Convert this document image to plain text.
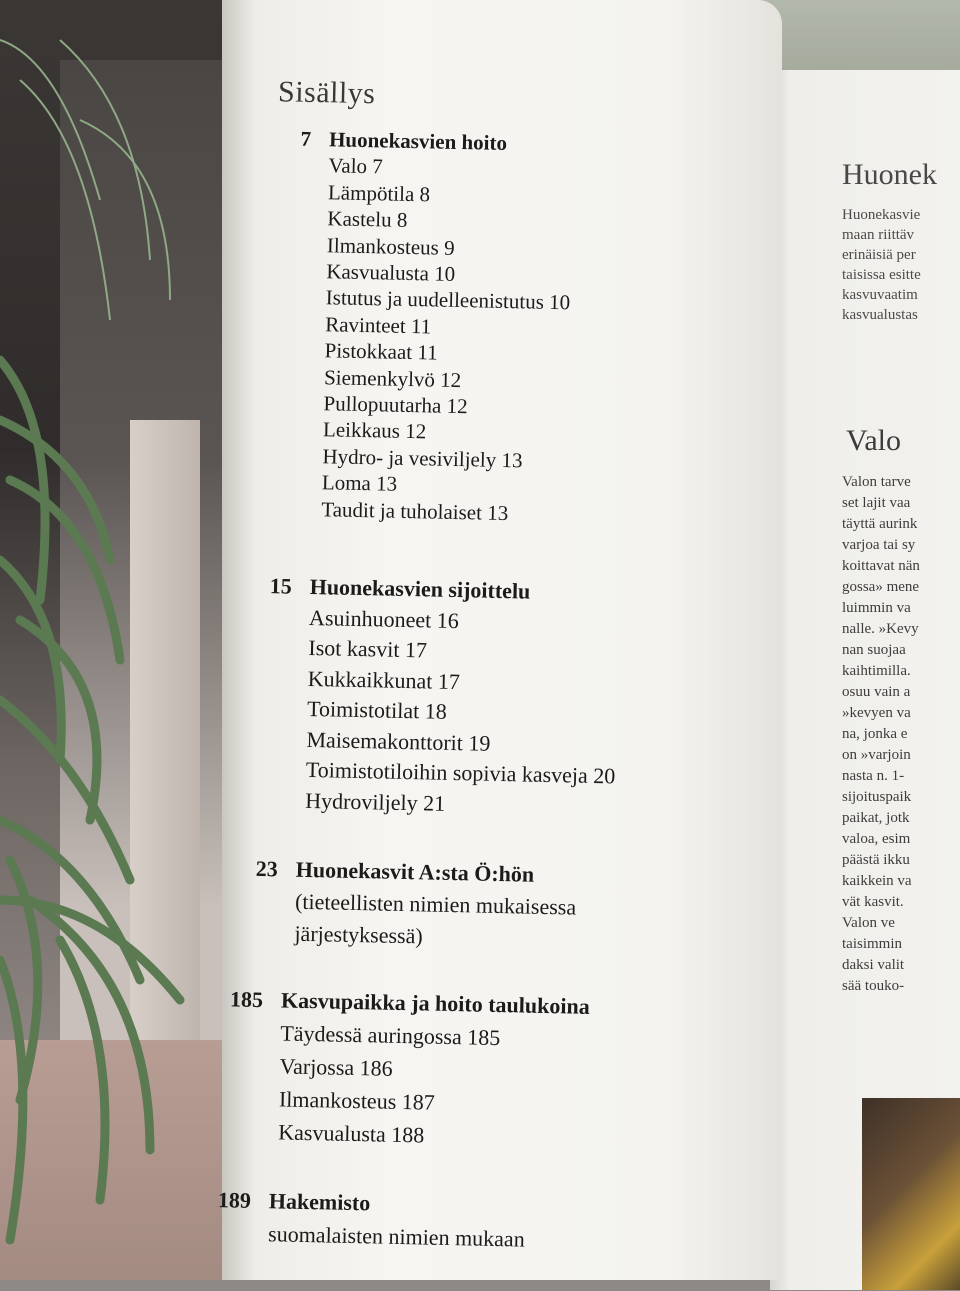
Huonek
Huonekasvie
maan riittäv
erinäisiä per
taisissa esitte
kasvuvaatim
kasvualustas
Valo
Valon tarve
set lajit vaa
täyttä aurink
varjoa tai sy
koittavat nän
gossa» mene
luimmin va
nalle. »Kevy
nan suojaa
kaihtimilla.
osuu vain a
»kevyen va
na, jonka e
on »varjoin
nasta n. 1-
sijoituspaik
paikat, jotk
valoa, esim
päästä ikku
kaikkein va
vät kasvit.
Valon ve
taisimmin
daksi valit
sää touko-
Sisällys
7 Huonekasvien hoito
Valo 7
Lämpötila 8
Kastelu 8
Ilmankosteus 9
Kasvualusta 10
Istutus ja uudelleenistutus 10
Ravinteet 11
Pistokkaat 11
Siemenkylvö 12
Pullopuutarha 12
Leikkaus 12
Hydro- ja vesiviljely 13
Loma 13
Taudit ja tuholaiset 13
15 Huonekasvien sijoittelu
Asuinhuoneet 16
Isot kasvit 17
Kukkaikkunat 17
Toimistotilat 18
Maisemakonttorit 19
Toimistotiloihin sopivia kasveja 20
Hydroviljely 21
23 Huonekasvit A:sta Ö:hön
(tieteellisten nimien mukaisessa
järjestyksessä)
185 Kasvupaikka ja hoito taulukoina
Täydessä auringossa 185
Varjossa 186
Ilmankosteus 187
Kasvualusta 188
189 Hakemisto
suomalaisten nimien mukaan
